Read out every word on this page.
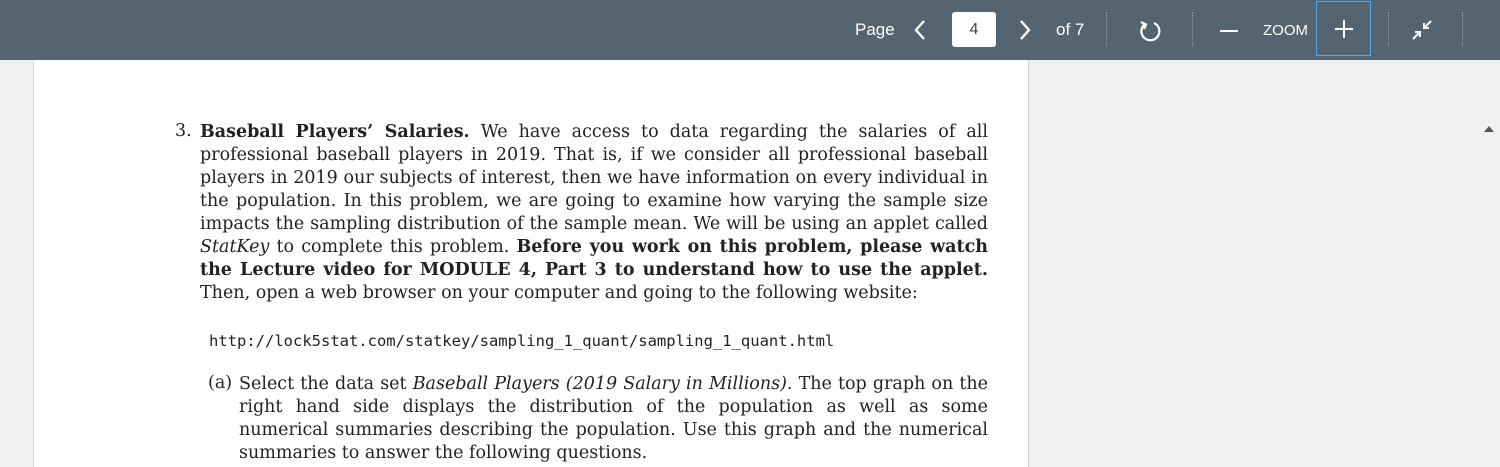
Page
4	of 7	ZOOM
3. Baseball Players’ Salaries. We have access to data regarding the salaries of all professional baseball players in 2019. That is, if we consider all professional baseball players in 2019 our subjects of interest, then we have information on every individual in the population. In this problem, we are going to examine how varying the sample size impacts the sampling distribution of the sample mean. We will be using an applet called StatKey to complete this problem. Before you work on this problem, please watch the Lecture video for MODULE 4, Part 3 to understand how to use the applet. Then, open a web browser on your computer and going to the following website:
http://lock5stat.com/statkey/sampling_1_quant/sampling_1_quant.html
(a) Select the data set Baseball Players (2019 Salary in Millions). The top graph on the right hand side displays the distribution of the population as well as some numerical summaries describing the population. Use this graph and the numerical summaries to answer the following questions.
